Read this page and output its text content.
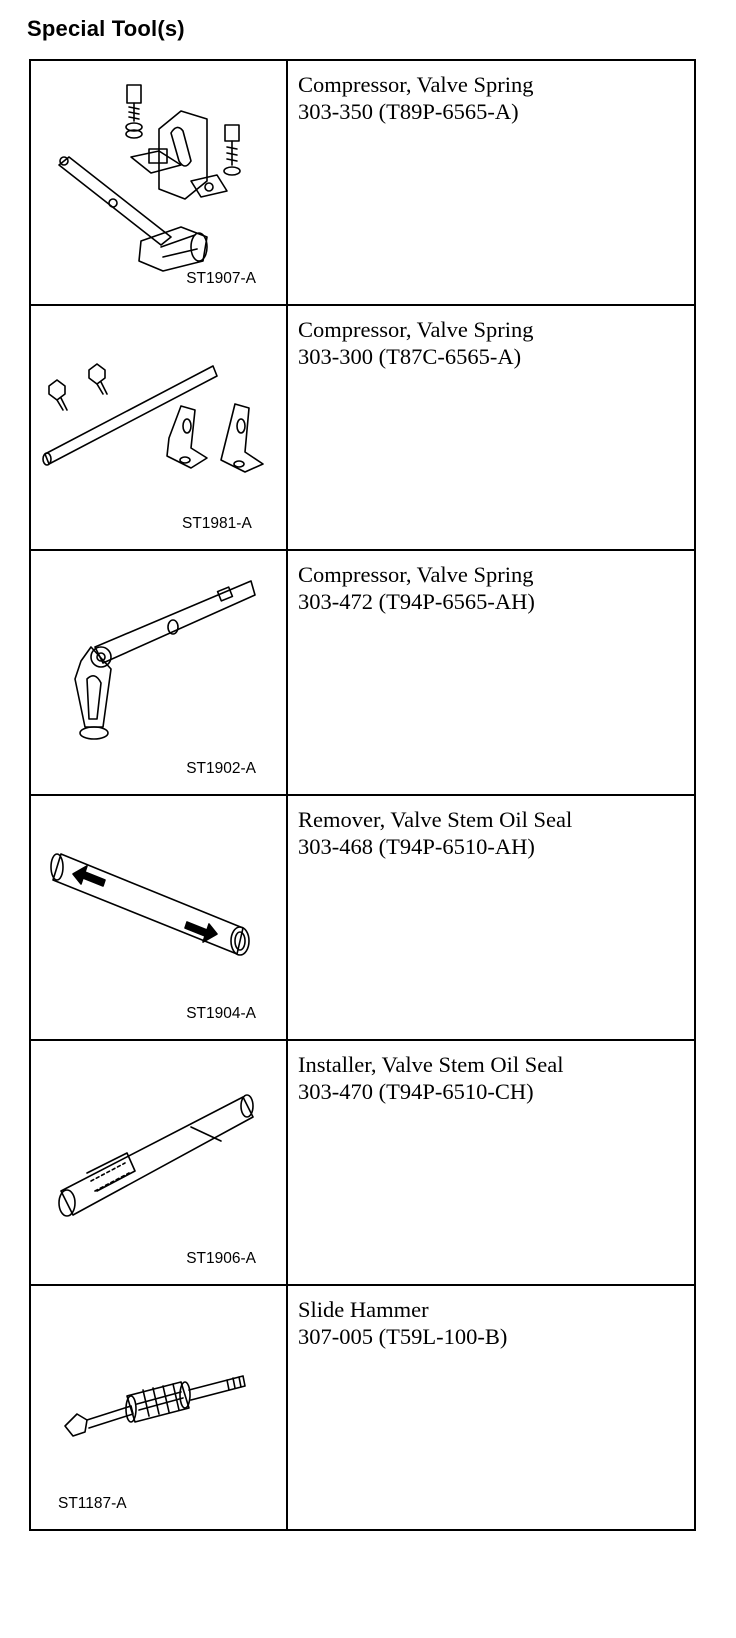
Special Tool(s)
ST1907-A
Compressor, Valve Spring
303-350 (T89P-6565-A)
ST1981-A
Compressor, Valve Spring
303-300 (T87C-6565-A)
ST1902-A
Compressor, Valve Spring
303-472 (T94P-6565-AH)
ST1904-A
Remover, Valve Stem Oil Seal
303-468 (T94P-6510-AH)
ST1906-A
Installer, Valve Stem Oil Seal
303-470 (T94P-6510-CH)
ST1187-A
Slide Hammer
307-005 (T59L-100-B)
